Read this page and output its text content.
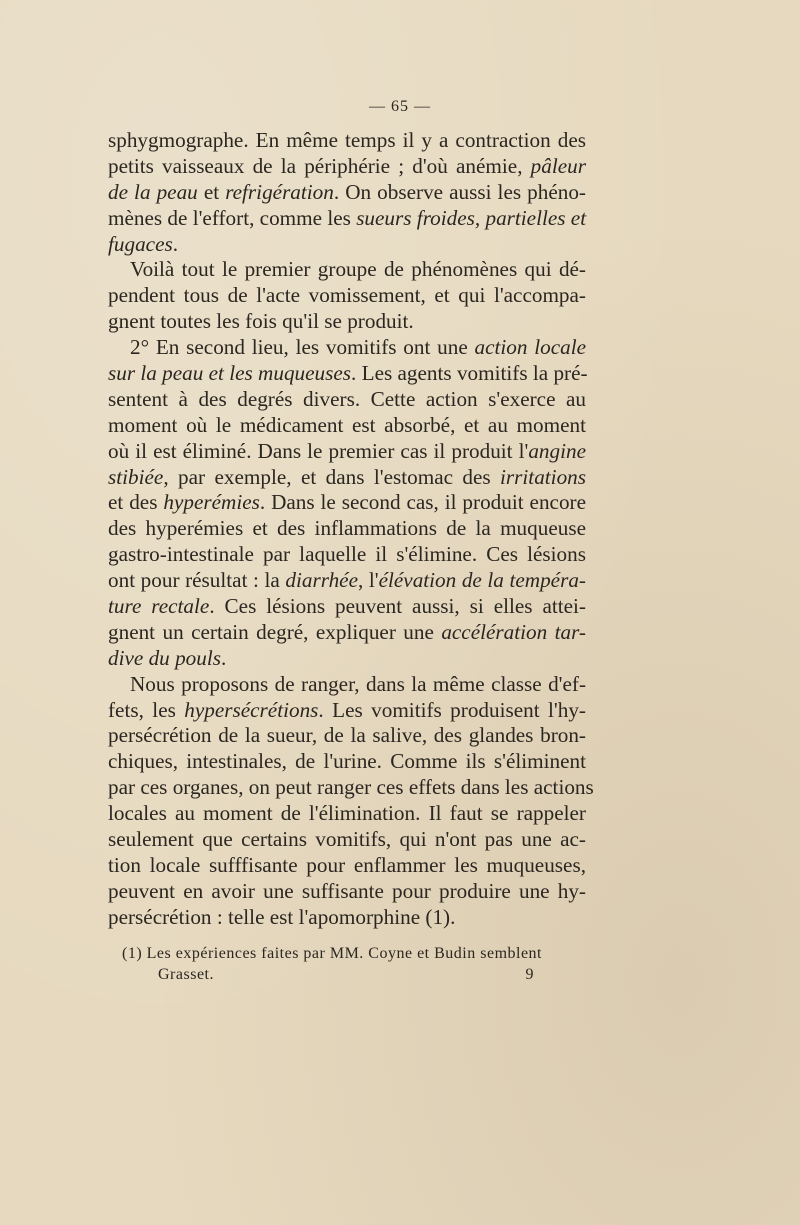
— 65 —
sphygmographe. En même temps il y a contraction des
petits vaisseaux de la périphérie ; d'où anémie, pâleur
de la peau et refrigération. On observe aussi les phéno-
mènes de l'effort, comme les sueurs froides, partielles et
fugaces.
Voilà tout le premier groupe de phénomènes qui dé-
pendent tous de l'acte vomissement, et qui l'accompa-
gnent toutes les fois qu'il se produit.
2° En second lieu, les vomitifs ont une action locale
sur la peau et les muqueuses. Les agents vomitifs la pré-
sentent à des degrés divers. Cette action s'exerce au
moment où le médicament est absorbé, et au moment
où il est éliminé. Dans le premier cas il produit l'angine
stibiée, par exemple, et dans l'estomac des irritations
et des hyperémies. Dans le second cas, il produit encore
des hyperémies et des inflammations de la muqueuse
gastro-intestinale par laquelle il s'élimine. Ces lésions
ont pour résultat : la diarrhée, l'élévation de la tempéra-
ture rectale. Ces lésions peuvent aussi, si elles attei-
gnent un certain degré, expliquer une accélération tar-
dive du pouls.
Nous proposons de ranger, dans la même classe d'ef-
fets, les hypersécrétions. Les vomitifs produisent l'hy-
persécrétion de la sueur, de la salive, des glandes bron-
chiques, intestinales, de l'urine. Comme ils s'éliminent
par ces organes, on peut ranger ces effets dans les actions
locales au moment de l'élimination. Il faut se rappeler
seulement que certains vomitifs, qui n'ont pas une ac-
tion locale sufffisante pour enflammer les muqueuses,
peuvent en avoir une suffisante pour produire une hy-
persécrétion : telle est l'apomorphine (1).
(1) Les expériences faites par MM. Coyne et Budin semblent
Grasset.	9
